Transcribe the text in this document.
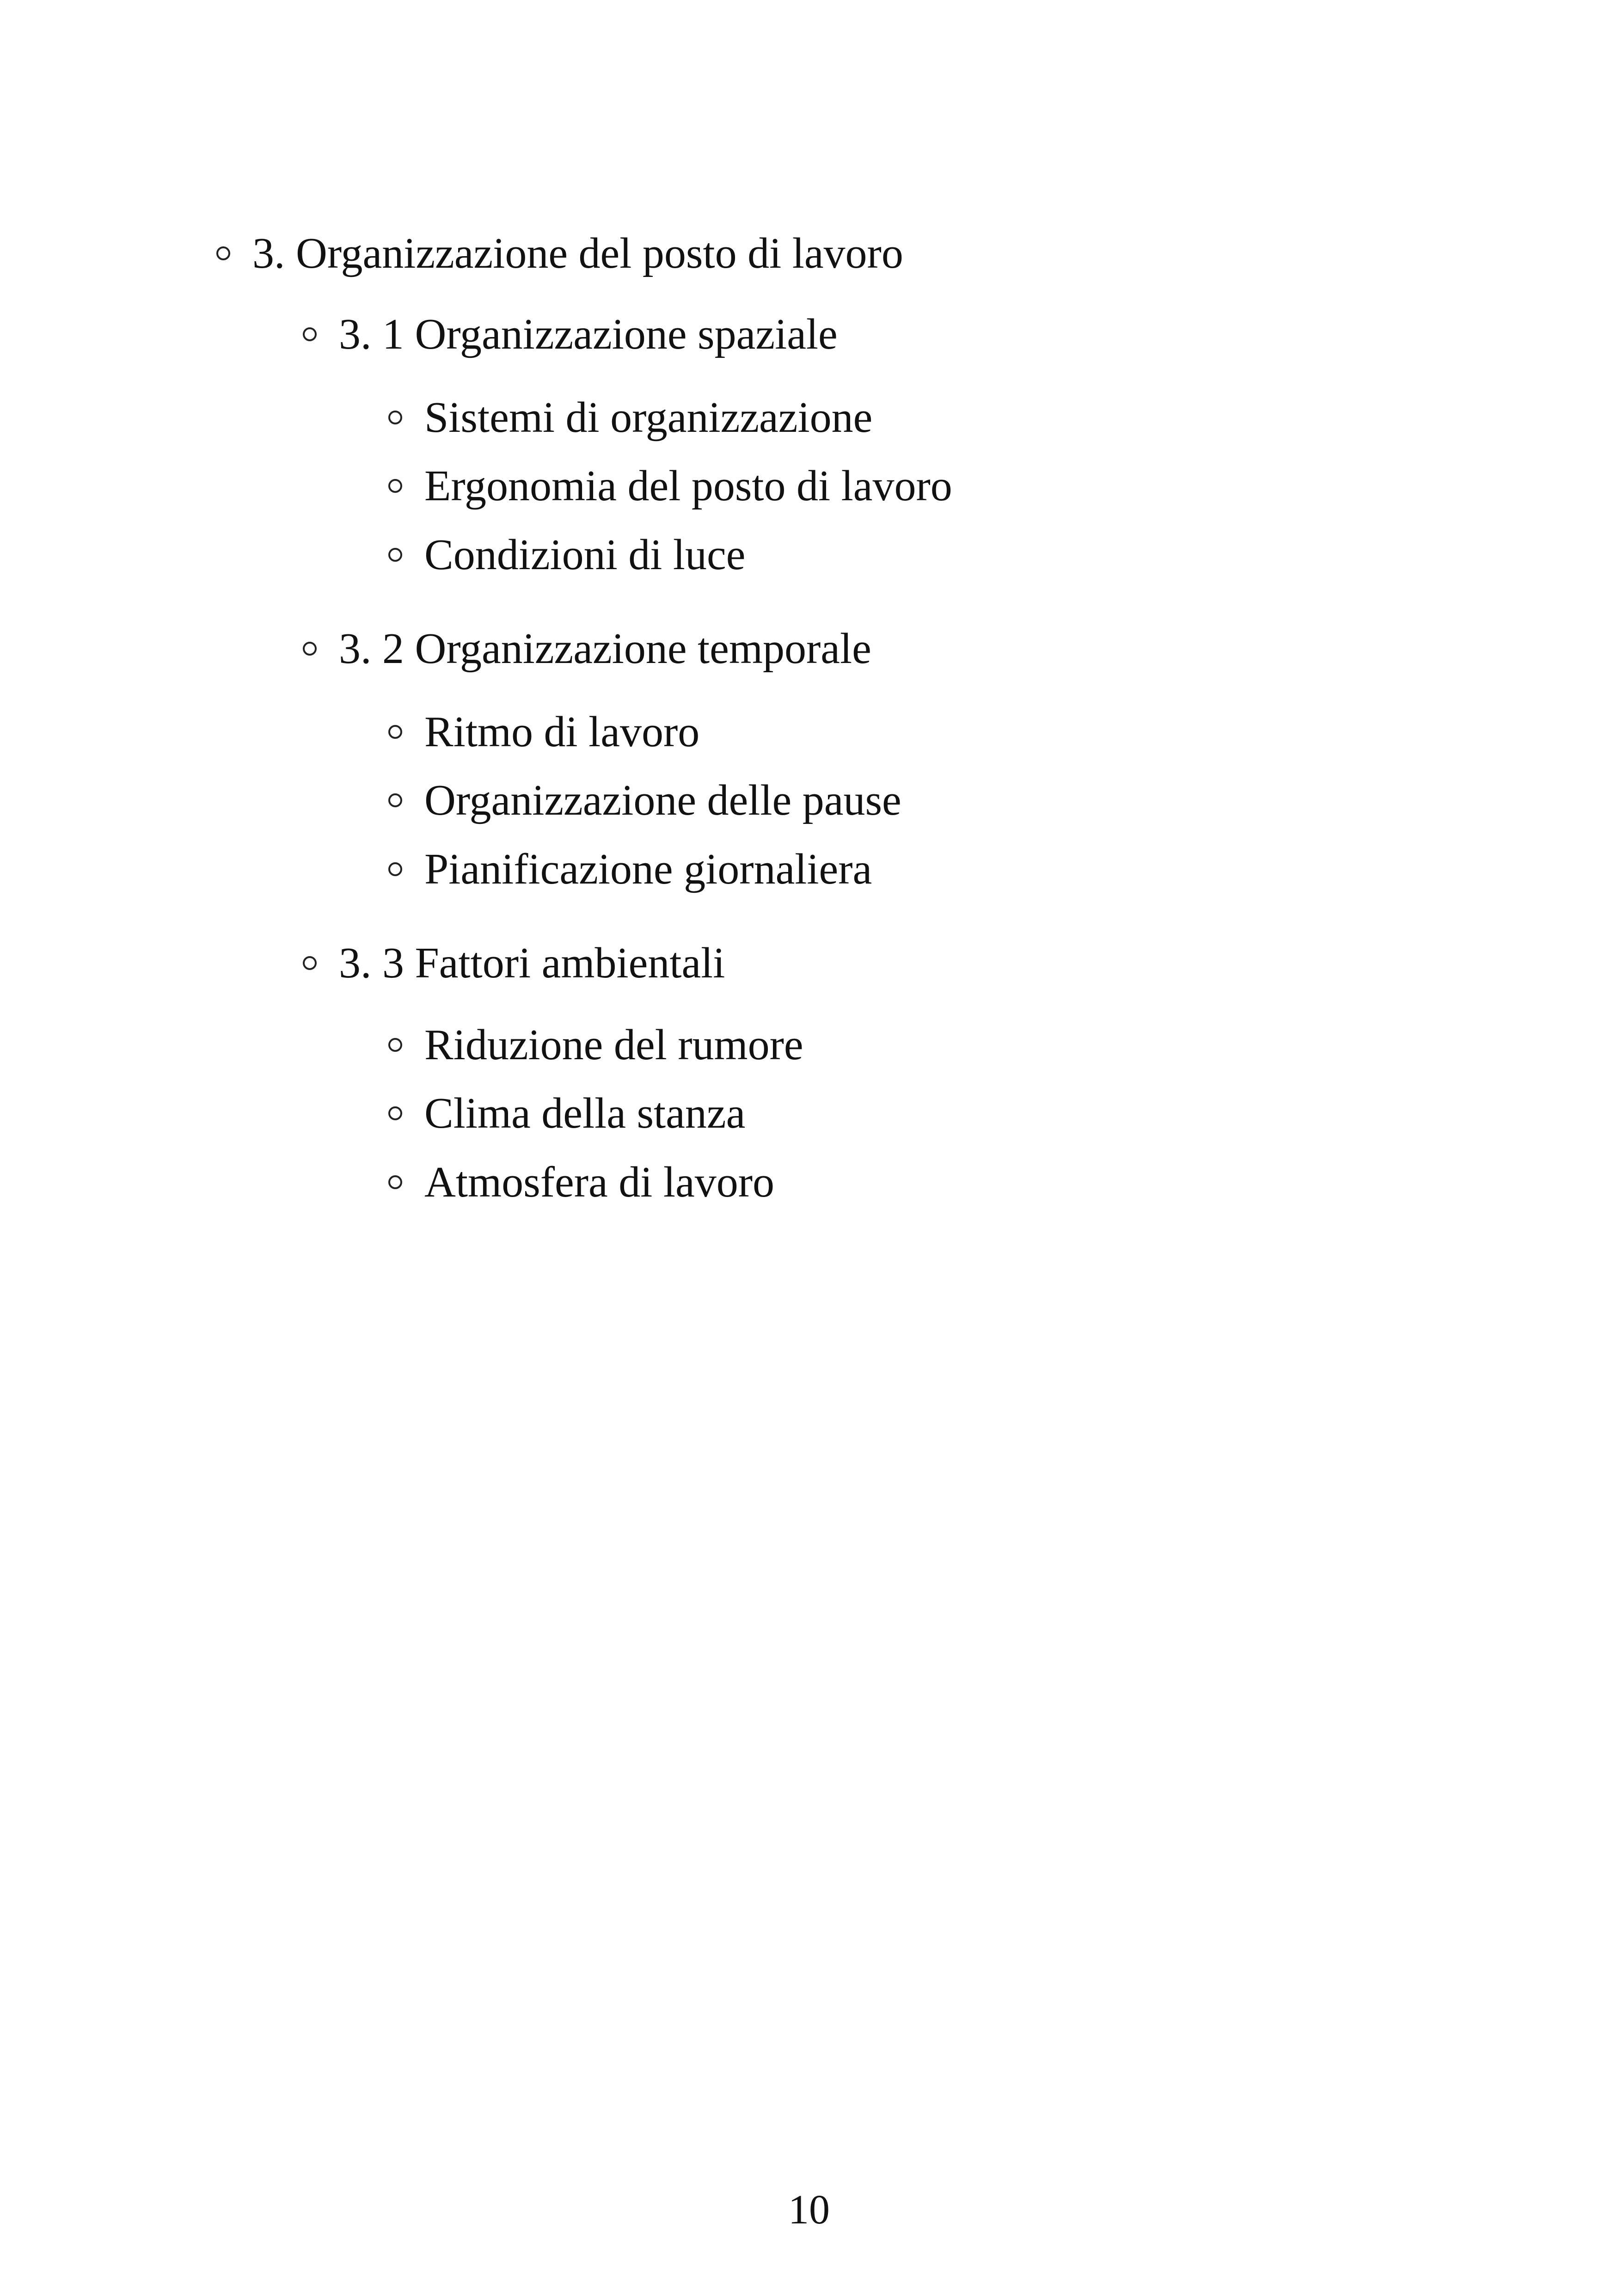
3. Organizzazione del posto di lavoro
3. 1 Organizzazione spaziale
Sistemi di organizzazione
Ergonomia del posto di lavoro
Condizioni di luce
3. 2 Organizzazione temporale
Ritmo di lavoro
Organizzazione delle pause
Pianificazione giornaliera
3. 3 Fattori ambientali
Riduzione del rumore
Clima della stanza
Atmosfera di lavoro
10
